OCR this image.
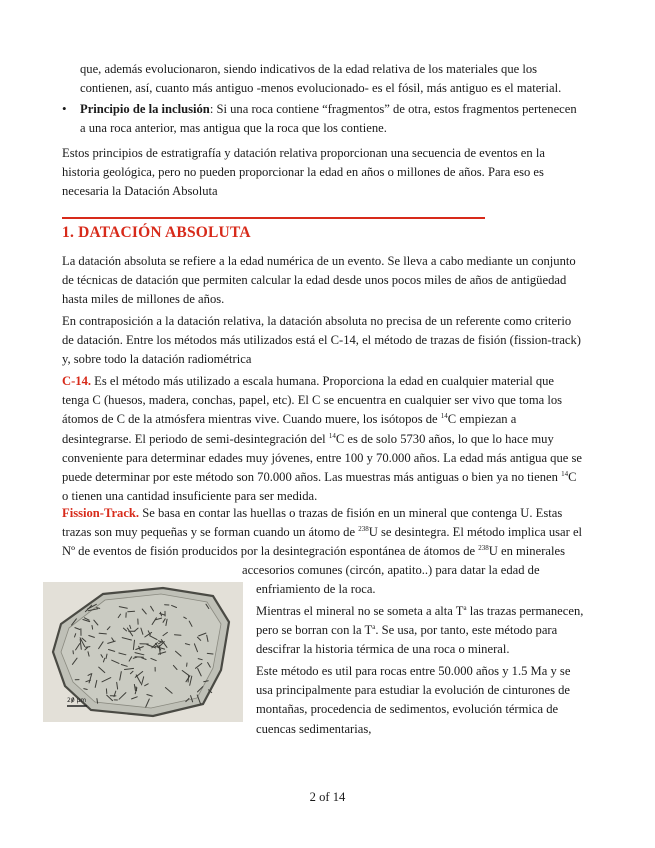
que, además evolucionaron, siendo indicativos de la edad relativa de los materiales que los

contienen, así, cuanto más antiguo -menos evolucionado- es el fósil, más antiguo es el material.

• Principio de la inclusión: Si una roca contiene “fragmentos” de otra, estos fragmentos pertenecen

a una roca anterior, mas antigua que la roca que los contiene.

Estos principios de estratigrafía y datación relativa proporcionan una secuencia de eventos en la

historia geológica, pero no pueden proporcionar la edad en años o millones de años. Para eso es

necesaria la Datación Absoluta

1. DATACIÓN ABSOLUTA

La datación absoluta se refiere a la edad numérica de un evento. Se lleva a cabo mediante un conjunto

de técnicas de datación que permiten calcular la edad desde unos pocos miles de años de antigüedad

hasta miles de millones de años.

En contraposición a la datación relativa, la datación absoluta no precisa de un referente como criterio

de datación. Entre los métodos más utilizados está el C-14, el método de trazas de fisión (fission-track)

y, sobre todo la datación radiométrica

C-14. Es el método más utilizado a escala humana. Proporciona la edad en cualquier material que

tenga C (huesos, madera, conchas, papel, etc). El C se encuentra en cualquier ser vivo que toma los

átomos de C de la atmósfera mientras vive. Cuando muere, los isótopos de $^{14}$C empiezan a

desintegrarse. El periodo de semi-desintegración del $^{14}$C es de solo 5730 años, lo que lo hace muy

conveniente para determinar edades muy jóvenes, entre 100 y 70.000 años. La edad más antigua que se

puede determinar por este método son 70.000 años. Las muestras más antiguas o bien ya no tienen $^{14}$C

o tienen una cantidad insuficiente para ser medida.

Fission-Track. Se basa en contar las huellas o trazas de fisión en un mineral que contenga U. Estas

trazas son muy pequeñas y se forman cuando un átomo de $^{238}$U se desintegra. El método implica usar el

Nº de eventos de fisión producidos por la desintegración espontánea de átomos de $^{238}$U en minerales

accesorios comunes (circón, apatito..) para datar la edad de

enfriamiento de la roca.

Mientras el mineral no se someta a alta $T^a$ las trazas permanecen,

pero se borran con la $T^a$. Se usa, por tanto, este método para

descifrar la historia térmica de una roca o mineral.

Este método es util para rocas entre 50.000 años y 1.5 Ma y se

usa principalmente para estudiar la evolución de cinturones de

montañas, procedencia de sedimentos, evolución térmica de

cuencas sedimentarias,

20 µm
2 of 14
